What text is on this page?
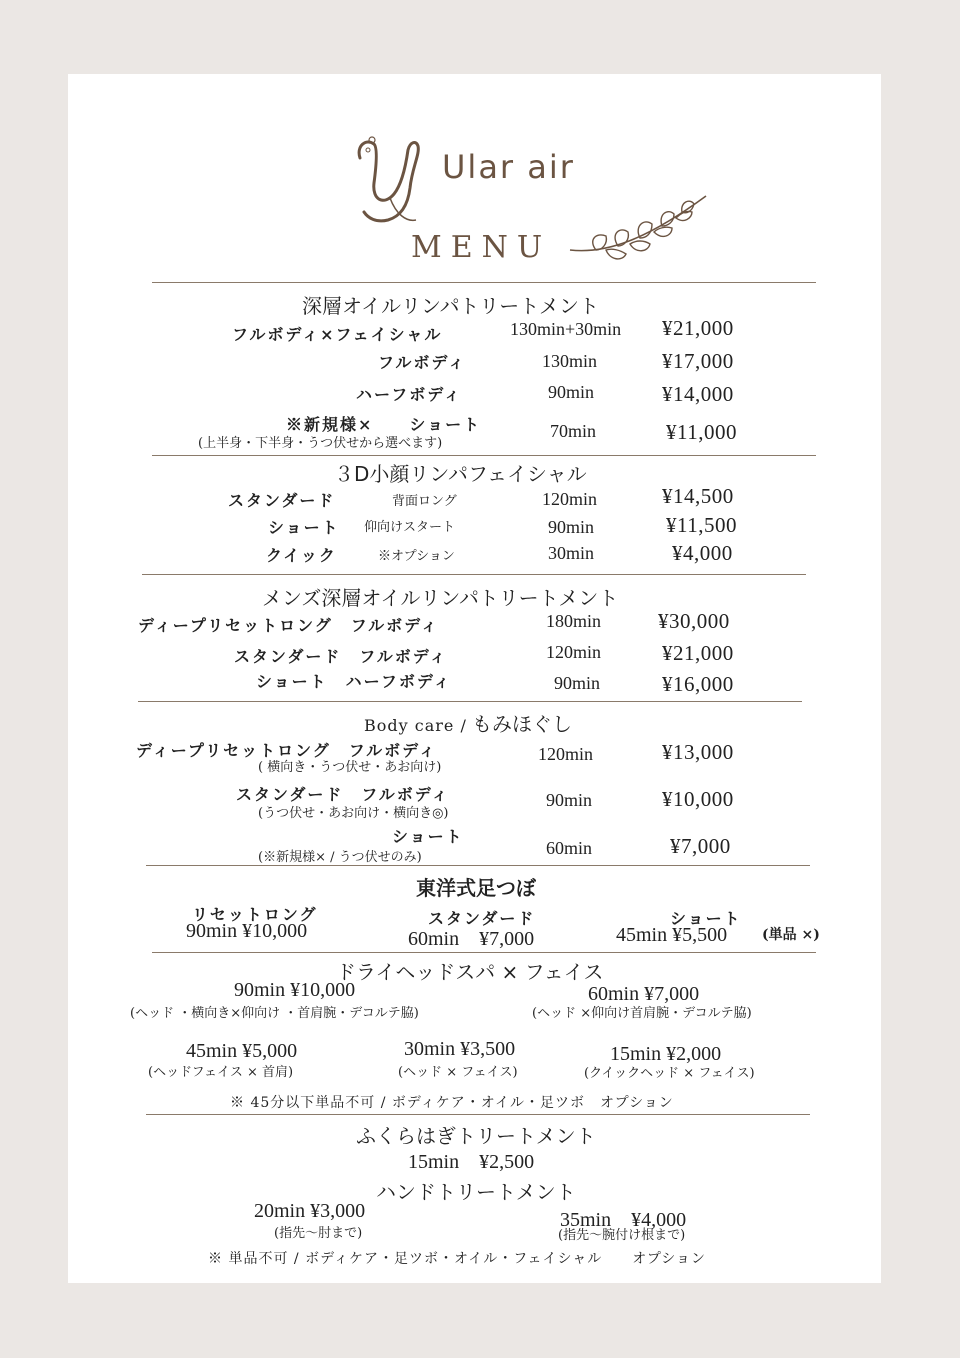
Ular air
MENU
深層オイルリンパトリートメント
フルボディ×フェイシャル	130min+30min ¥21,000
フルボディ	130min	¥17,000
ハーフボディ	90min	¥14,000
※新規様×　　ショート
(上半身・下半身・うつ伏せから選べます)
70min	¥11,000
３D小顔リンパフェイシャル
スタンダード	背面ロング	120min	¥14,500
ショート 仰向けスタート	90min	¥11,500
クイック	※オプション	30min	¥4,000
メンズ深層オイルリンパトリートメント
ディープリセットロング　フルボディ	180min	¥30,000
スタンダード　フルボディ	120min	¥21,000
ショート　ハーフボディ	90min	¥16,000
Body care / もみほぐし
ディープリセットロング　フルボディ
( 横向き・うつ伏せ・あお向け)
120min	¥13,000
スタンダード　フルボディ
(うつ伏せ・あお向け・横向き◎)
90min	¥10,000
ショート
(※新規様× / うつ伏せのみ)	60min	¥7,000
東洋式足つぼ
リセットロング
90min ¥10,000
スタンダード
60min　¥7,000
ショート
45min ¥5,500 (単品 ×)
ドライヘッドスパ × フェイス
90min ¥10,000
(ヘッド ・横向き×仰向け ・首肩腕・デコルテ脇)
60min ¥7,000
(ヘッド ×仰向け首肩腕・デコルテ脇)
45min ¥5,000
(ヘッドフェイス × 首肩)
30min ¥3,500
(ヘッド × フェイス)
15min ¥2,000
(クイックヘッド × フェイス)
※ 45分以下単品不可 / ボディケア・オイル・足ツボ　オプション
ふくらはぎトリートメント
15min　¥2,500
ハンドトリートメント
20min ¥3,000
(指先〜肘まで)
35min　¥4,000
(指先〜腕付け根まで)
※ 単品不可 / ボディケア・足ツボ・オイル・フェイシャル　　オプション
